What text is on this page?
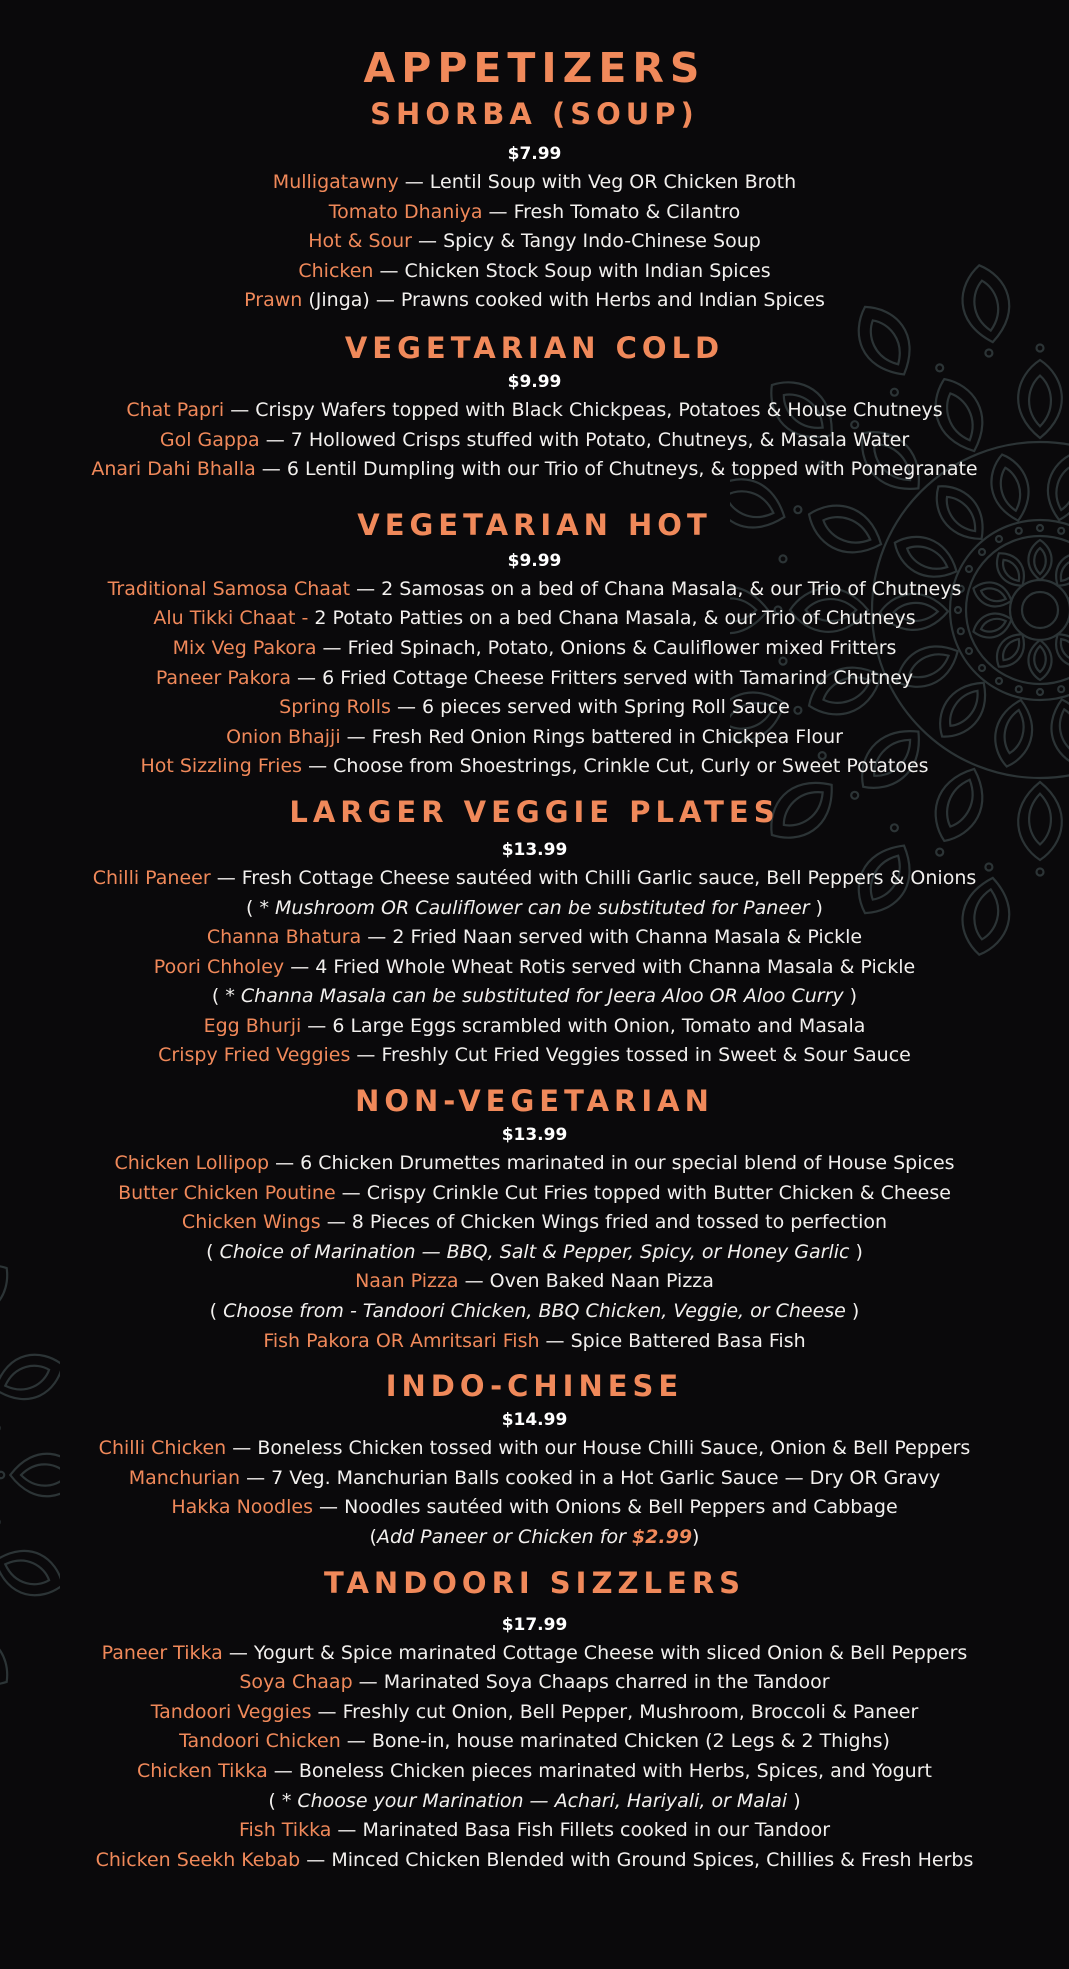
APPETIZERS
SHORBA (SOUP)
$7.99
Mulligatawny — Lentil Soup with Veg OR Chicken Broth
Tomato Dhaniya — Fresh Tomato & Cilantro
Hot & Sour — Spicy & Tangy Indo-Chinese Soup
Chicken — Chicken Stock Soup with Indian Spices
Prawn (Jinga) — Prawns cooked with Herbs and Indian Spices
VEGETARIAN COLD
$9.99
Chat Papri — Crispy Wafers topped with Black Chickpeas, Potatoes & House Chutneys
Gol Gappa — 7 Hollowed Crisps stuffed with Potato, Chutneys, & Masala Water
Anari Dahi Bhalla — 6 Lentil Dumpling with our Trio of Chutneys, & topped with Pomegranate
VEGETARIAN HOT
$9.99
Traditional Samosa Chaat — 2 Samosas on a bed of Chana Masala, & our Trio of Chutneys
Alu Tikki Chaat - 2 Potato Patties on a bed Chana Masala, & our Trio of Chutneys
Mix Veg Pakora — Fried Spinach, Potato, Onions & Cauliflower mixed Fritters
Paneer Pakora — 6 Fried Cottage Cheese Fritters served with Tamarind Chutney
Spring Rolls — 6 pieces served with Spring Roll Sauce
Onion Bhajji — Fresh Red Onion Rings battered in Chickpea Flour
Hot Sizzling Fries — Choose from Shoestrings, Crinkle Cut, Curly or Sweet Potatoes
LARGER VEGGIE PLATES
$13.99
Chilli Paneer — Fresh Cottage Cheese sautéed with Chilli Garlic sauce, Bell Peppers & Onions
( * Mushroom OR Cauliflower can be substituted for Paneer )
Channa Bhatura — 2 Fried Naan served with Channa Masala & Pickle
Poori Chholey — 4 Fried Whole Wheat Rotis served with Channa Masala & Pickle
( * Channa Masala can be substituted for Jeera Aloo OR Aloo Curry )
Egg Bhurji — 6 Large Eggs scrambled with Onion, Tomato and Masala
Crispy Fried Veggies — Freshly Cut Fried Veggies tossed in Sweet & Sour Sauce
NON-VEGETARIAN
$13.99
Chicken Lollipop — 6 Chicken Drumettes marinated in our special blend of House Spices
Butter Chicken Poutine — Crispy Crinkle Cut Fries topped with Butter Chicken & Cheese
Chicken Wings — 8 Pieces of Chicken Wings fried and tossed to perfection
( Choice of Marination — BBQ, Salt & Pepper, Spicy, or Honey Garlic )
Naan Pizza — Oven Baked Naan Pizza
( Choose from - Tandoori Chicken, BBQ Chicken, Veggie, or Cheese )
Fish Pakora OR Amritsari Fish — Spice Battered Basa Fish
INDO-CHINESE
$14.99
Chilli Chicken — Boneless Chicken tossed with our House Chilli Sauce, Onion & Bell Peppers
Manchurian — 7 Veg. Manchurian Balls cooked in a Hot Garlic Sauce — Dry OR Gravy
Hakka Noodles — Noodles sautéed with Onions & Bell Peppers and Cabbage
(Add Paneer or Chicken for $2.99)
TANDOORI SIZZLERS
$17.99
Paneer Tikka — Yogurt & Spice marinated Cottage Cheese with sliced Onion & Bell Peppers
Soya Chaap — Marinated Soya Chaaps charred in the Tandoor
Tandoori Veggies — Freshly cut Onion, Bell Pepper, Mushroom, Broccoli & Paneer
Tandoori Chicken — Bone-in, house marinated Chicken (2 Legs & 2 Thighs)
Chicken Tikka — Boneless Chicken pieces marinated with Herbs, Spices, and Yogurt
( * Choose your Marination — Achari, Hariyali, or Malai )
Fish Tikka — Marinated Basa Fish Fillets cooked in our Tandoor
Chicken Seekh Kebab — Minced Chicken Blended with Ground Spices, Chillies & Fresh Herbs
